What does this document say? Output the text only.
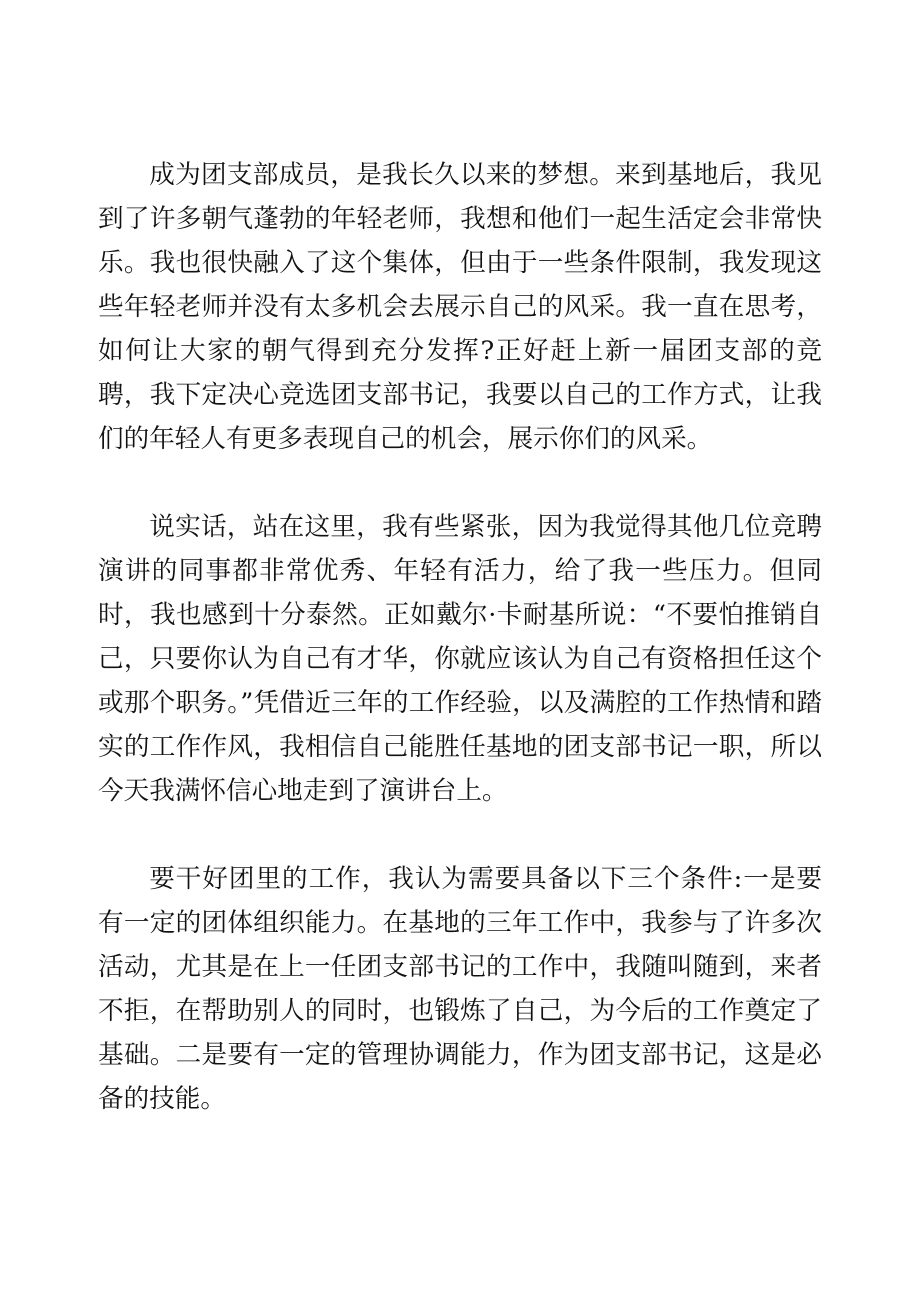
成为团支部成员，是我长久以来的梦想。来到基地后，我见到了许多朝气蓬勃的年轻老师，我想和他们一起生活定会非常快乐。我也很快融入了这个集体，但由于一些条件限制，我发现这些年轻老师并没有太多机会去展示自己的风采。我一直在思考，如何让大家的朝气得到充分发挥?正好赶上新一届团支部的竞聘，我下定决心竞选团支部书记，我要以自己的工作方式，让我们的年轻人有更多表现自己的机会，展示你们的风采。

说实话，站在这里，我有些紧张，因为我觉得其他几位竞聘演讲的同事都非常优秀、年轻有活力，给了我一些压力。但同时，我也感到十分泰然。正如戴尔·卡耐基所说：“不要怕推销自己，只要你认为自己有才华，你就应该认为自己有资格担任这个或那个职务。”凭借近三年的工作经验，以及满腔的工作热情和踏实的工作作风，我相信自己能胜任基地的团支部书记一职，所以今天我满怀信心地走到了演讲台上。

要干好团里的工作，我认为需要具备以下三个条件:一是要有一定的团体组织能力。在基地的三年工作中，我参与了许多次活动，尤其是在上一任团支部书记的工作中，我随叫随到，来者不拒，在帮助别人的同时，也锻炼了自己，为今后的工作奠定了基础。二是要有一定的管理协调能力，作为团支部书记，这是必备的技能。
